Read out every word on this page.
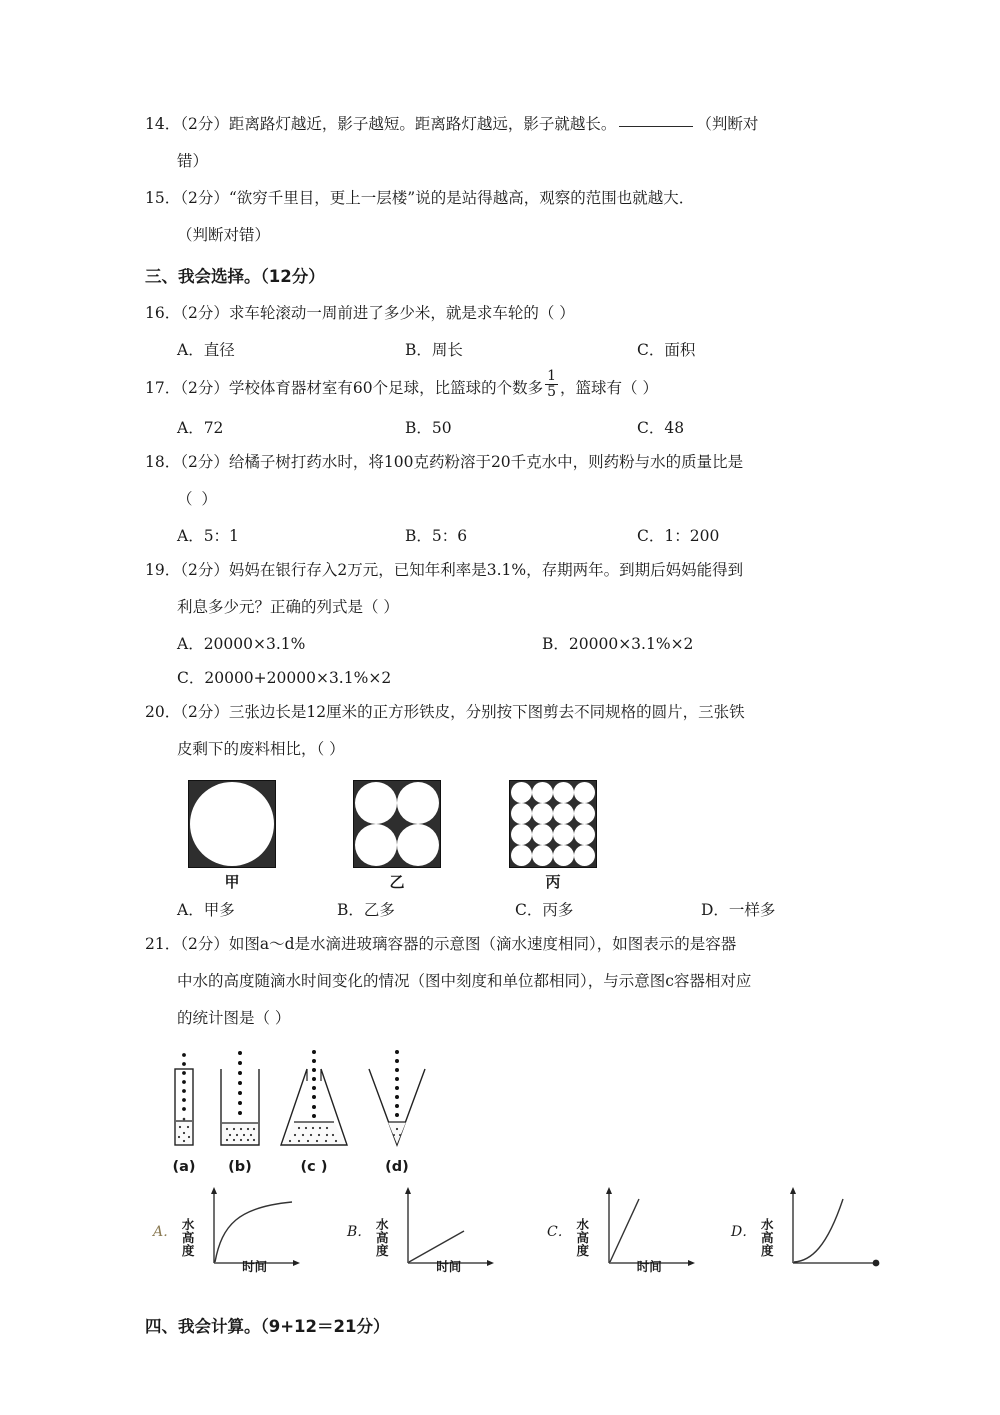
14．（2分）距离路灯越近，影子越短。距离路灯越远，影子就越长。	（判断对
错）
15．（2分）“欲穷千里目，更上一层楼”说的是站得越高，观察的范围也就越大．
（判断对错）
三、我会选择。（12分）
16．（2分）求车轮滚动一周前进了多少米，就是求车轮的（ ）
A．直径	B．周长	C．面积
17．（2分）学校体育器材室有60个足球，比篮球的个数多 $\frac{1}{5}$ ，篮球有（ ）
A．72	B．50	C．48
18．（2分）给橘子树打药水时，将100克药粉溶于20千克水中，则药粉与水的质量比是
（ ）
A．5：1	B．5：6	C．1：200
19．（2分）妈妈在银行存入2万元，已知年利率是3.1%，存期两年。到期后妈妈能得到
利息多少元？正确的列式是（ ）
A．20000×3.1%	B．20000×3.1%×2
C．20000+20000×3.1%×2
20．（2分）三张边长是12厘米的正方形铁皮，分别按下图剪去不同规格的圆片，三张铁
皮剩下的废料相比，（ ）
甲	乙	丙
A．甲多	B．乙多	C．丙多	D．一样多
21．（2分）如图a～d是水滴进玻璃容器的示意图（滴水速度相同），如图表示的是容器
中水的高度随滴水时间变化的情况（图中刻度和单位都相同），与示意图c容器相对应
的统计图是（ ）
(a)	(b)	(c )	(d)
A． 水
高
度
时间
B． 水
高
度
时间
C． 水
高
度
时间
D． 水
高
度
四、我会计算。（9+12＝21分）
